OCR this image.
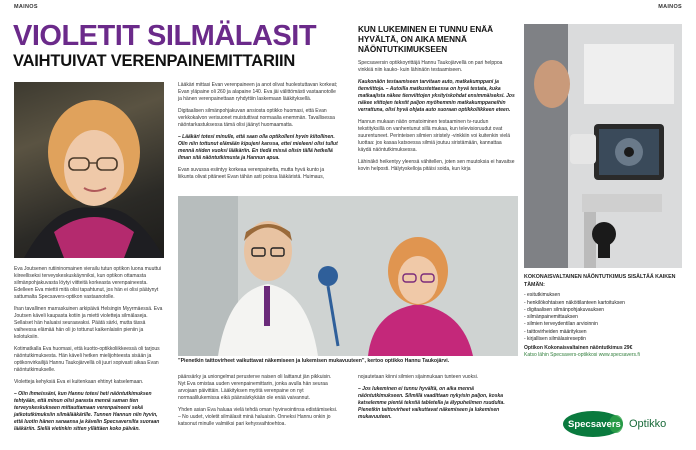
MAINOS	MAINOS
VIOLETIT SILMÄLASIT
VAIHTUIVAT VERENPAINEMITTARIIN

Eva Joutsenen rutiininomainen vierailu tutun optikon luona muuttui kiireelliseksi terveyskeskuskäynniksi, kun optikon ottamasta silmänpohjakuvasta löytyi viitteitä korkeasta verenpaineesta. Edelleen Eva miettii mitä olisi tapahtunut, jos hän ei olisi päätynyt sattumalta Specsavers-optikon vastaanotolle.

Ihan tavallinen marraskuinen arkipäivä Helsingin Myyrmäessä. Eva Joutsen käveli kaupasta kotiin ja mietti violetteja silmälaseja. Sellaiset hän haluaisi seuraavaksi. Päätä särki, mutta tässä vaiheessa elämää hän oli jo tottunut kaikenlaisiin pieniin ja kolotuksiin.

Kotimatkalla Eva huomasi, että kuotto-optikkoliikkeessä oli tarjous näöntutkimuksesta. Hän käveli hetken mielijohteesta sisään ja optikonvirkailijä Hannu Taukojärvellä oli juuri sopivasti aikaa Evan näöntutkimukselle.

Violetteja kehyksiä Eva ei kuitenkaan ehtinyt katselemaan.

– Olin ihmeissäni, kun Hannu totesi heti näöntutkimuksen tehtyään, että minun olisi parasta mennä saman tien terveyskeskukseen mittauttamaan verenpaineeni sekä jatkotutkimuksiin silmälääkärille. Tunnen Hannun niin hyvin, että luotin hänen sanaansa ja kävelin Specsaversilta suoraan lääkäriin. Siellä vietinkin sitten yllättäen koko päivän.

Lääkäri mittasi Evan verenpaineen ja anot olivat huolestuttavan korkeat; Evan yläpaine oli 260 ja alapaine 140. Eva jäi välittömästi vastaanotolle ja hänen verenpainettaan ryhdyttiin laskemaan lääkityksellä.

Digitaalisen silmänpohjakuvan ansiosta optikko huomasi, että Evan verkkokalvon verisuonet muistuttivat normaalia enemmän. Tavallisessa näöntarkastuksessa tämä olisi jäänyt huomaamatta.

– Lääkäri totesi minulle, että saan olla optikolleni hyvin kiitollinen. Olin niin tottunut elämään kipujeni kanssa, ettei mieleeni olisi tullut mennä niiden vuoksi lääkäriin. En tiedä missä olisin tällä hetkellä ilman sitä näöntutkimusta ja Hannun apua.

Evan suvussa esiintyy korkeaa verenpainetta, mutta hyvä kunto ja liikunta olivat pitäneet Evan tähän asti poissa lääkäristä. Huimaus,

KUN LUKEMINEN EI TUNNU ENÄÄ HYVÄLTÄ, ON AIKA MENNÄ NÄÖNTUTKIMUKSEEN

Specsaversin optikkoyrittäjä Hannu Taukojärvellä on pari helppoa vinkkiä niin kauko- kuin lähinäön testaamiseen.

Kaukonäön testaamiseen tarvitaan auto, matkakumppani ja tienviittoja. – Autoilla matkustettaessa on hyvä testata, kuka matkaajista näkee tienviittojen yksityiskohdat ensimmäiseksi. Jos näkee viittojen tekstit paljon myöhemmin matkakumppaneihin verrattuna, olisi hyvä ohjata auto suoraan optikkoliikkeen eteen.

Hannun mukaan näön omatoiminen testaaminen tv-ruudun tekstityksillä on vanhentunut sillä mukaa, kun televisioruudut ovat suurentuneet. Perinteisen silmien siristely -vinkkiin voi kuitenkin vielä luottaa: jos kasaa katsoessa silmiä joutuu siristämään, kannattaa käydä näöntutkimuksessa.

Lähinäkö heikentyy yleensä vähitellen, joten sen muutoksia ei havaitse kovin helposti. Hälytyskelloja pitäisi soida, kun kirja

”Pienetkin taittovirheet vaikuttavat näkemiseen ja lukemisen mukavuuteen”, kertoo optikko Hannu Taukojärvi.

päänsärky ja uniongelmat perusterve naisen oli laittanut jän pikkuisin. Nyt Eva omistaa uuden verenpainemittarin, jonka avulla hän seuraa arvojaan päivittäin. Lääkityksen myötä verenpaine on nyt normaalilukemissa eikä päänsärkykään ole enää vaivannut.

Yhden asian Eva haluaa vielä tehdä oman hyvinvointinsa edistämiseksi. – No uudet, violetit silmälasit minä haluaisin. Onneksi Hannu onkin jo katsonut minulle valmiiksi pari kehysvaihtoehtoa.

nojautetaan kiinni silmien sijainnukaan tunteen vuoksi.

– Jos lukeminen ei tunnu hyvältä, on aika mennä näöntutkimukseen. Silmillä vaadittaan nykyisin paljon, koska katselemme pientä tekstiä tabletella ja älypuhelimen ruudulta. Pienetkin taittovirheet vaikuttavat näkemiseen ja lukemisen mukavuuteen.

KOKONAISVALTAINEN NÄÖNTUTKIMUS SISÄLTÄÄ KAIKEN TÄMÄN:
- esitutkimuksen
- henkilökohtaisen näköitilanteen kartoituksen
- digitaalisen silmänpohjakuvauksen
- silmänpainemittauksen
- silmien terveydentilan arvioinnin
- taittovirheiden määrityksen
- kirjallisen silmälasiresepti​n
Optikon Kokonaisvaltainen näöntutkimus 29€
Katso lähin Specsavers-optikkosi www.specsavers.fi
Specsavers Optikko
